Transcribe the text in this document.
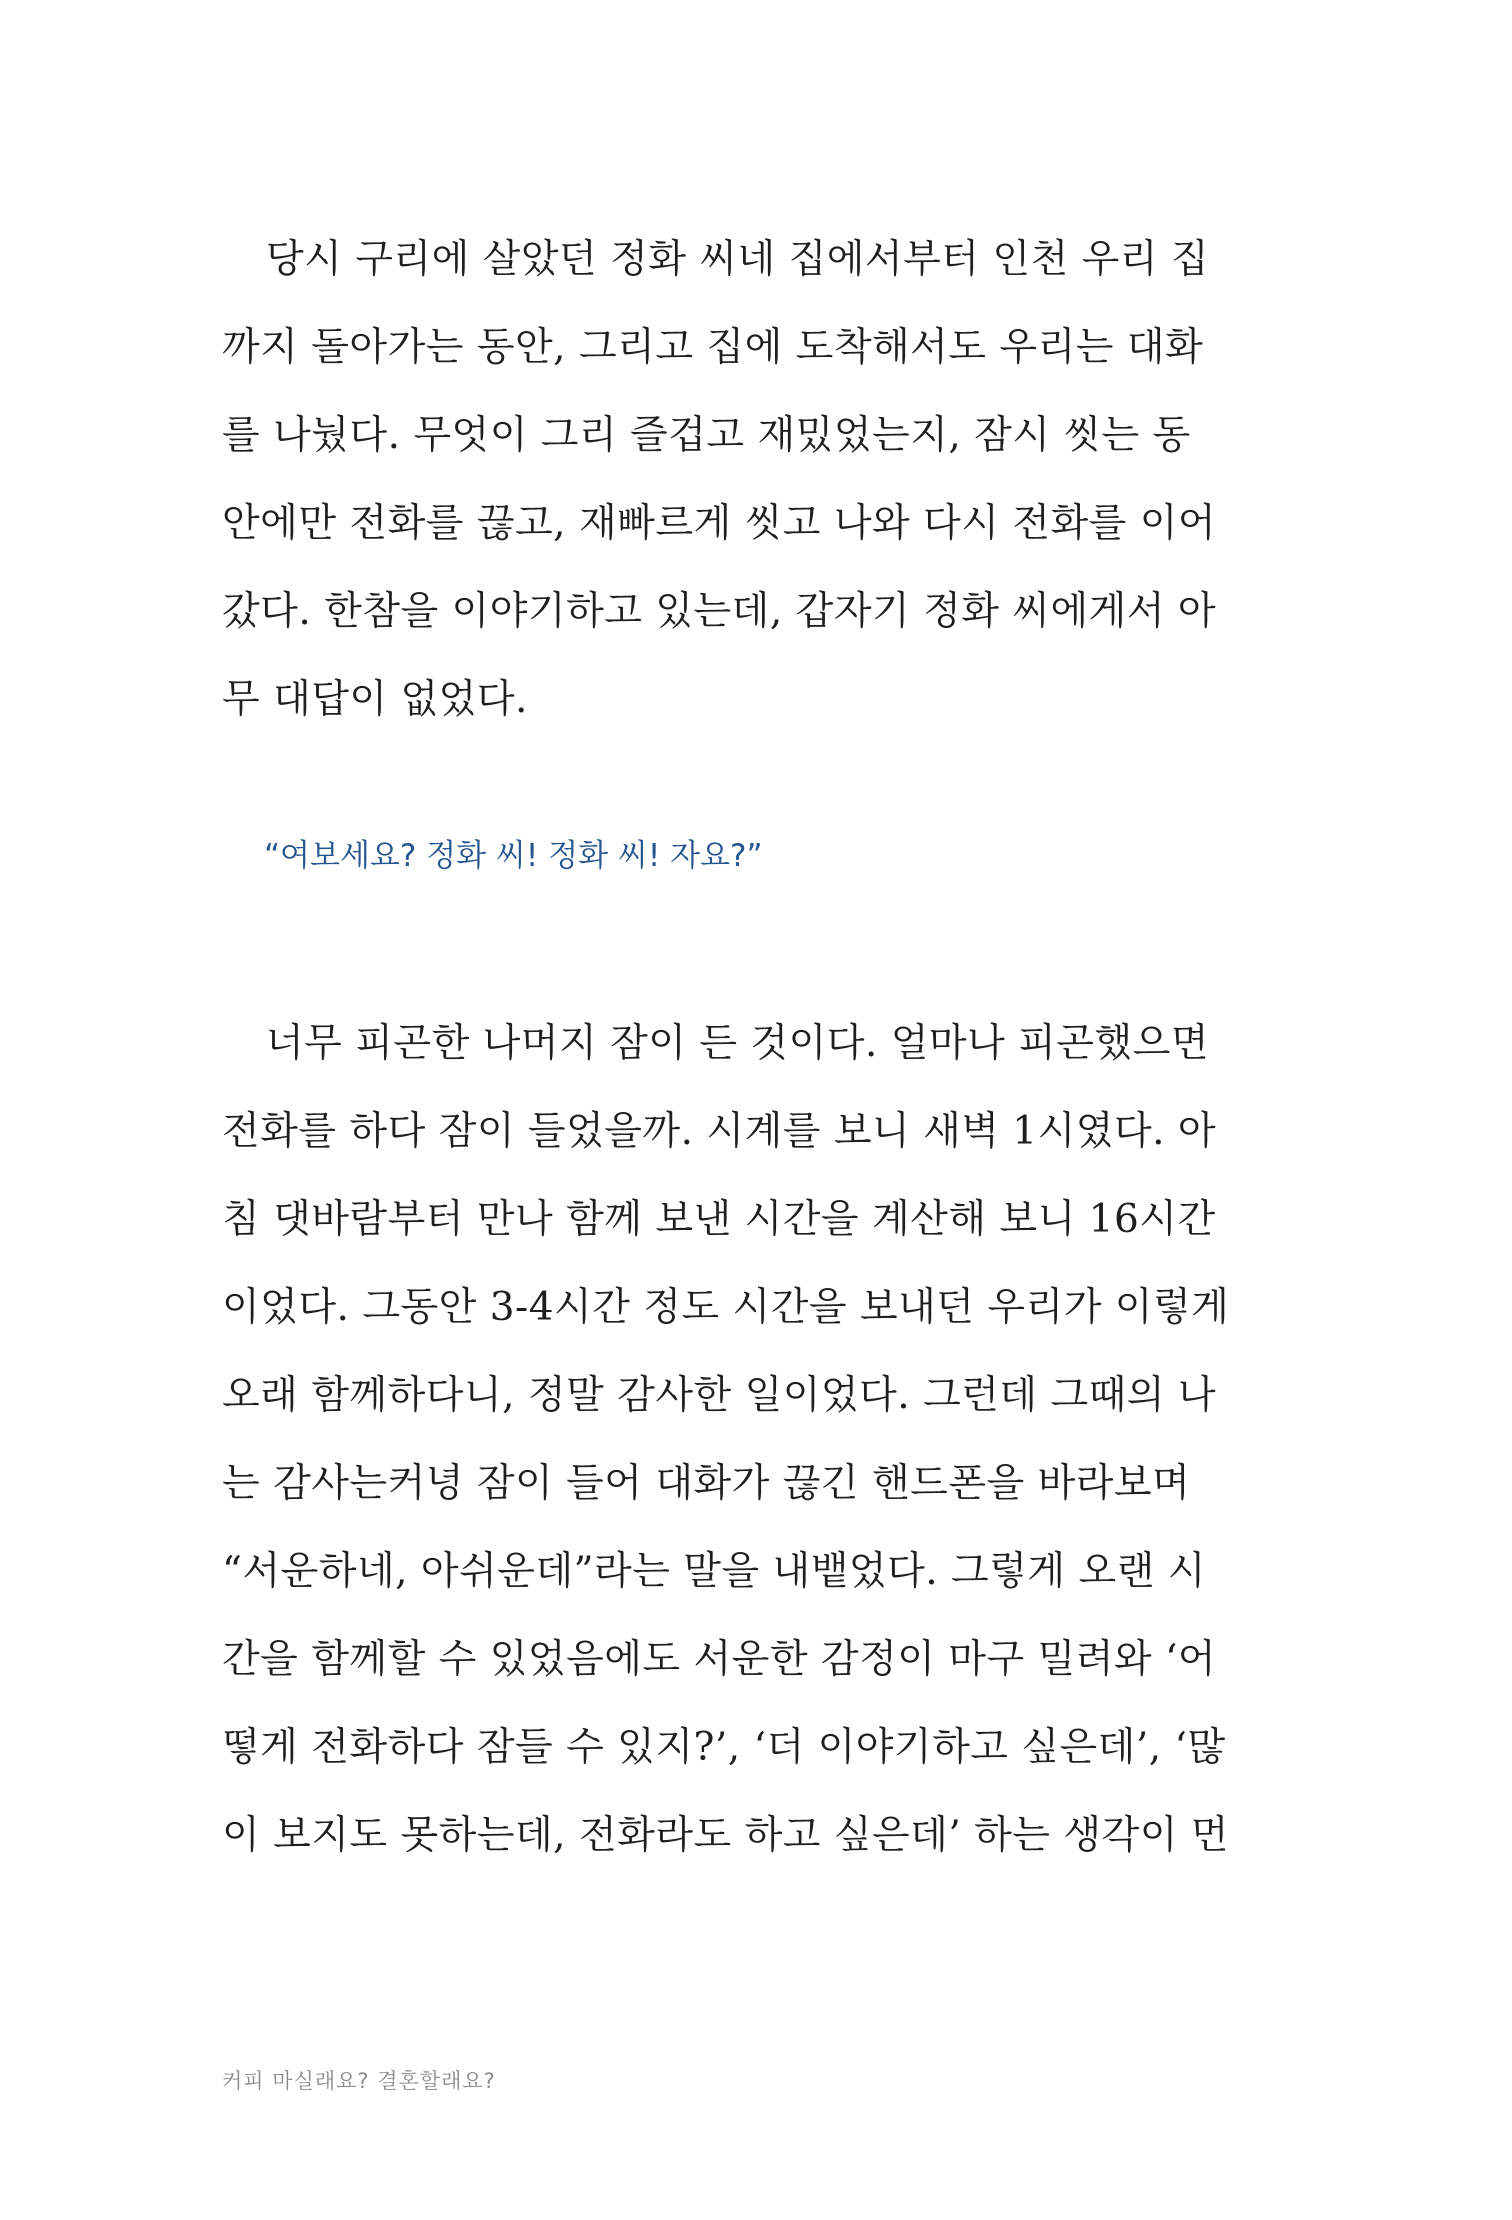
당시 구리에 살았던 정화 씨네 집에서부터 인천 우리 집
까지 돌아가는 동안, 그리고 집에 도착해서도 우리는 대화
를 나눴다. 무엇이 그리 즐겁고 재밌었는지, 잠시 씻는 동
안에만 전화를 끊고, 재빠르게 씻고 나와 다시 전화를 이어
갔다. 한참을 이야기하고 있는데, 갑자기 정화 씨에게서 아
무 대답이 없었다.

“여보세요? 정화 씨! 정화 씨! 자요?”

너무 피곤한 나머지 잠이 든 것이다. 얼마나 피곤했으면
전화를 하다 잠이 들었을까. 시계를 보니 새벽 1시였다. 아
침 댓바람부터 만나 함께 보낸 시간을 계산해 보니 16시간
이었다. 그동안 3-4시간 정도 시간을 보내던 우리가 이렇게
오래 함께하다니, 정말 감사한 일이었다. 그런데 그때의 나
는 감사는커녕 잠이 들어 대화가 끊긴 핸드폰을 바라보며
“서운하네, 아쉬운데”라는 말을 내뱉었다. 그렇게 오랜 시
간을 함께할 수 있었음에도 서운한 감정이 마구 밀려와 ‘어
떻게 전화하다 잠들 수 있지?’, ‘더 이야기하고 싶은데’, ‘많
이 보지도 못하는데, 전화라도 하고 싶은데’ 하는 생각이 먼

커피 마실래요? 결혼할래요?
